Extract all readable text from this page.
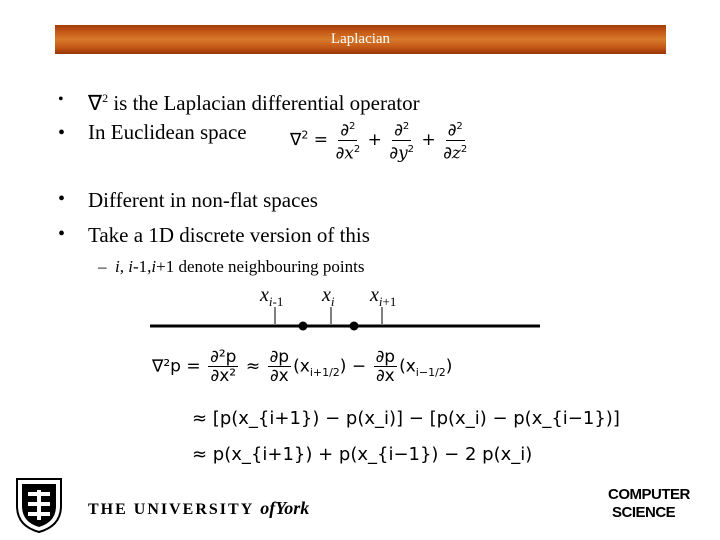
Laplacian
• ∇$^2$ is the Laplacian differential operator
• In Euclidean space	$\nabla^2 = \frac{\partial^2}{\partial x^2} + \frac{\partial^2}{\partial y^2} + \frac{\partial^2}{\partial z^2}$
• Different in non-flat spaces
• Take a 1D discrete version of this
– i, i-1,i+1 denote neighbouring points
$x_{i-1}$ $x_i$ $x_{i+1}$
$\nabla^2p = \frac{\text{∂²p}}{\text{∂x²}} \approx \frac{\partial p}{\partial x} (x_{i+1/2}) - \frac{\partial p}{\partial x} (x_{i-1/2})$
≈ [p(x_{i+1}) − p(x_i)] − [p(x_i) − p(x_{i−1})]
≈ p(x_{i+1}) + p(x_{i−1}) − 2 p(x_i)
THE UNIVERSITY ofYork
COMPUTER
SCIENCE
